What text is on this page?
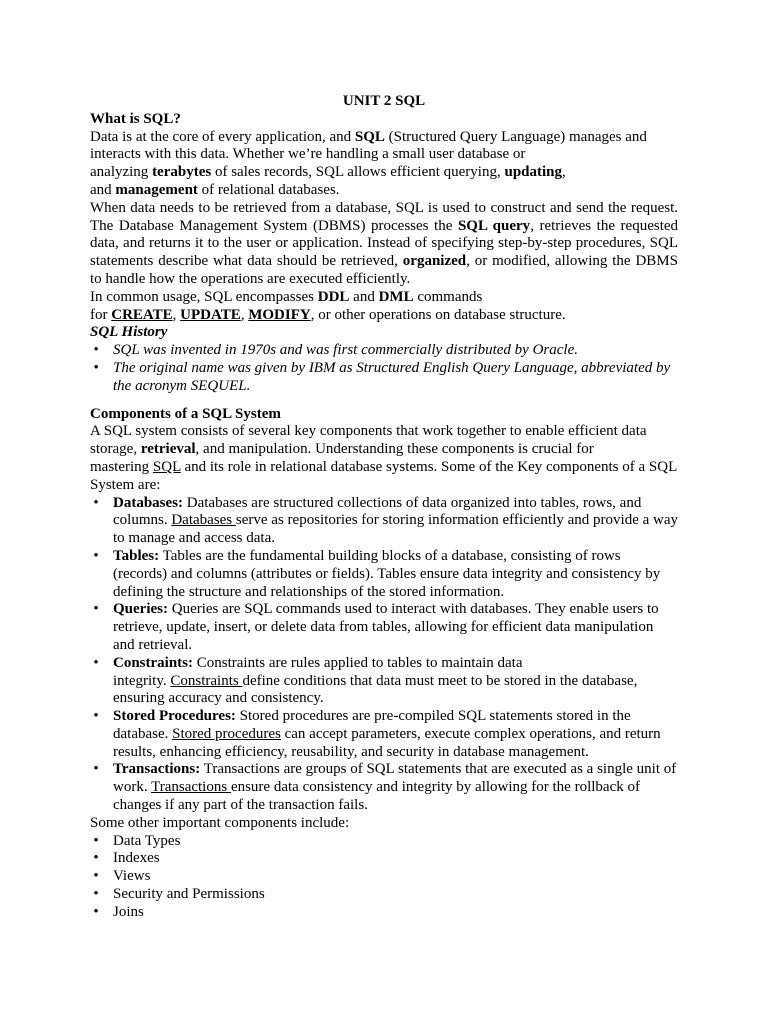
UNIT 2 SQL

What is SQL?

Data is at the core of every application, and SQL (Structured Query Language) manages and interacts with this data. Whether we’re handling a small user database or
analyzing terabytes of sales records, SQL allows efficient querying, updating,
and management of relational databases.

When data needs to be retrieved from a database, SQL is used to construct and send the request. The Database Management System (DBMS) processes the SQL query, retrieves the requested data, and returns it to the user or application. Instead of specifying step-by-step procedures, SQL statements describe what data should be retrieved, organized, or modified, allowing the DBMS to handle how the operations are executed efficiently.

In common usage, SQL encompasses DDL and DML commands
for CREATE, UPDATE, MODIFY, or other operations on database structure.

SQL History

• SQL was invented in 1970s and was first commercially distributed by Oracle.
• The original name was given by IBM as Structured English Query Language, abbreviated by the acronym SEQUEL.

Components of a SQL System

A SQL system consists of several key components that work together to enable efficient data storage, retrieval, and manipulation. Understanding these components is crucial for
mastering SQL and its role in relational database systems. Some of the Key components of a SQL System are:

• Databases: Databases are structured collections of data organized into tables, rows, and columns. Databases serve as repositories for storing information efficiently and provide a way to manage and access data.
• Tables: Tables are the fundamental building blocks of a database, consisting of rows (records) and columns (attributes or fields). Tables ensure data integrity and consistency by defining the structure and relationships of the stored information.
• Queries: Queries are SQL commands used to interact with databases. They enable users to retrieve, update, insert, or delete data from tables, allowing for efficient data manipulation and retrieval.
• Constraints: Constraints are rules applied to tables to maintain data
integrity. Constraints define conditions that data must meet to be stored in the database, ensuring accuracy and consistency.
• Stored Procedures: Stored procedures are pre-compiled SQL statements stored in the database. Stored procedures can accept parameters, execute complex operations, and return results, enhancing efficiency, reusability, and security in database management.
• Transactions: Transactions are groups of SQL statements that are executed as a single unit of work. Transactions ensure data consistency and integrity by allowing for the rollback of changes if any part of the transaction fails.

Some other important components include:

• Data Types
• Indexes
• Views
• Security and Permissions
• Joins
